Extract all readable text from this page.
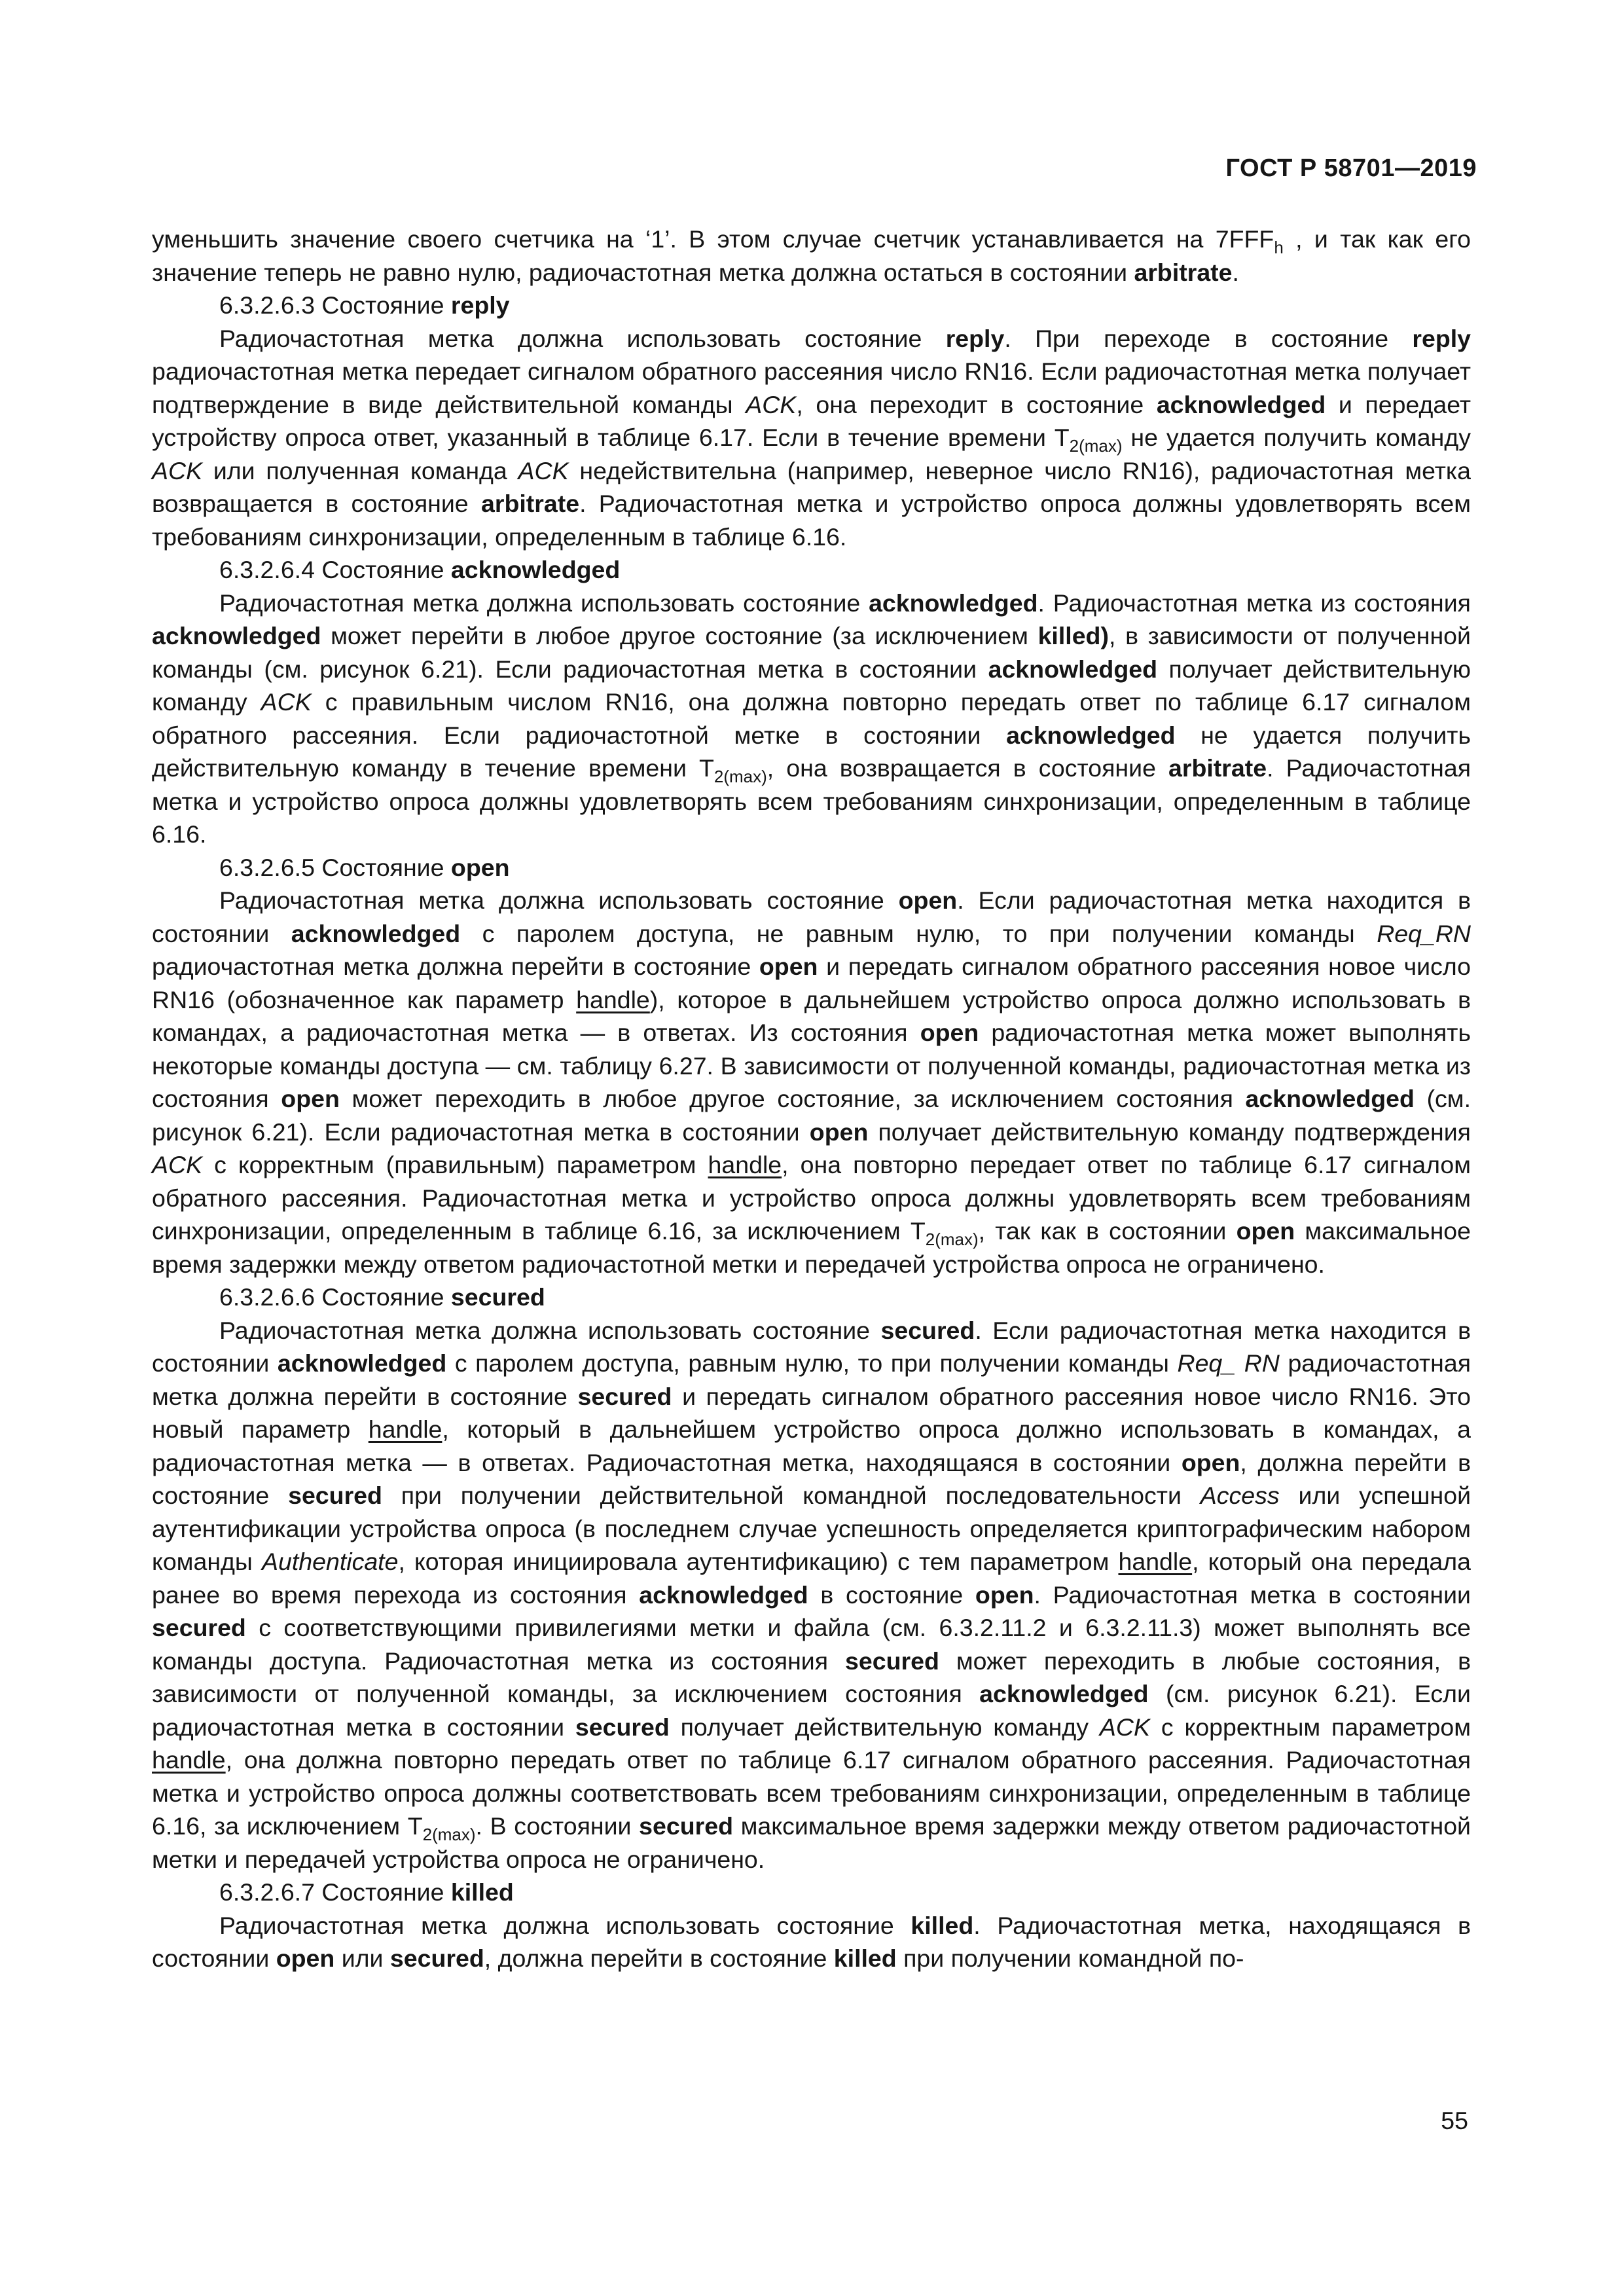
ГОСТ Р 58701—2019

уменьшить значение своего счетчика на ‘1’. В этом случае счетчик устанавливается на $7FFF_h$ , и так как его значение теперь не равно нулю, радиочастотная метка должна остаться в состоянии arbitrate.

6.3.2.6.3 Состояние reply

Радиочастотная метка должна использовать состояние reply. При переходе в состояние reply радиочастотная метка передает сигналом обратного рассеяния число RN16. Если радиочастотная метка получает подтверждение в виде действительной команды ACK, она переходит в состояние acknowledged и передает устройству опроса ответ, указанный в таблице 6.17. Если в течение времени $T_{2(max)}$ не удается получить команду ACK или полученная команда ACK недействительна (например, неверное число RN16), радиочастотная метка возвращается в состояние arbitrate. Радиочастотная метка и устройство опроса должны удовлетворять всем требованиям синхронизации, определенным в таблице 6.16.

6.3.2.6.4 Состояние acknowledged

Радиочастотная метка должна использовать состояние acknowledged. Радиочастотная метка из состояния acknowledged может перейти в любое другое состояние (за исключением killed), в зависимости от полученной команды (см. рисунок 6.21). Если радиочастотная метка в состоянии acknowledged получает действительную команду ACK с правильным числом RN16, она должна повторно передать ответ по таблице 6.17 сигналом обратного рассеяния. Если радиочастотной метке в состоянии acknowledged не удается получить действительную команду в течение времени $T_{2(max)}$, она возвращается в состояние arbitrate. Радиочастотная метка и устройство опроса должны удовлетворять всем требованиям синхронизации, определенным в таблице 6.16.

6.3.2.6.5 Состояние open

Радиочастотная метка должна использовать состояние open. Если радиочастотная метка находится в состоянии acknowledged с паролем доступа, не равным нулю, то при получении команды Req_RN радиочастотная метка должна перейти в состояние open и передать сигналом обратного рассеяния новое число RN16 (обозначенное как параметр handle), которое в дальнейшем устройство опроса должно использовать в командах, а радиочастотная метка — в ответах. Из состояния open радиочастотная метка может выполнять некоторые команды доступа — см. таблицу 6.27. В зависимости от полученной команды, радиочастотная метка из состояния open может переходить в любое другое состояние, за исключением состояния acknowledged (см. рисунок 6.21). Если радиочастотная метка в состоянии open получает действительную команду подтверждения ACK с корректным (правильным) параметром handle, она повторно передает ответ по таблице 6.17 сигналом обратного рассеяния. Радиочастотная метка и устройство опроса должны удовлетворять всем требованиям синхронизации, определенным в таблице 6.16, за исключением $T_{2(max)}$, так как в состоянии open максимальное время задержки между ответом радиочастотной метки и передачей устройства опроса не ограничено.

6.3.2.6.6 Состояние secured

Радиочастотная метка должна использовать состояние secured. Если радиочастотная метка находится в состоянии acknowledged с паролем доступа, равным нулю, то при получении команды Req_ RN радиочастотная метка должна перейти в состояние secured и передать сигналом обратного рассеяния новое число RN16. Это новый параметр handle, который в дальнейшем устройство опроса должно использовать в командах, а радиочастотная метка — в ответах. Радиочастотная метка, находящаяся в состоянии open, должна перейти в состояние secured при получении действительной командной последовательности Access или успешной аутентификации устройства опроса (в последнем случае успешность определяется криптографическим набором команды Authenticate, которая инициировала аутентификацию) с тем параметром handle, который она передала ранее во время перехода из состояния acknowledged в состояние open. Радиочастотная метка в состоянии secured с соответствующими привилегиями метки и файла (см. 6.3.2.11.2 и 6.3.2.11.3) может выполнять все команды доступа. Радиочастотная метка из состояния secured может переходить в любые состояния, в зависимости от полученной команды, за исключением состояния acknowledged (см. рисунок 6.21). Если радиочастотная метка в состоянии secured получает действительную команду ACK с корректным параметром handle, она должна повторно передать ответ по таблице 6.17 сигналом обратного рассеяния. Радиочастотная метка и устройство опроса должны соответствовать всем требованиям синхронизации, определенным в таблице 6.16, за исключением $T_{2(max)}$. В состоянии secured максимальное время задержки между ответом радиочастотной метки и передачей устройства опроса не ограничено.

6.3.2.6.7 Состояние killed

Радиочастотная метка должна использовать состояние killed. Радиочастотная метка, находящаяся в состоянии open или secured, должна перейти в состояние killed при получении командной по-

55
